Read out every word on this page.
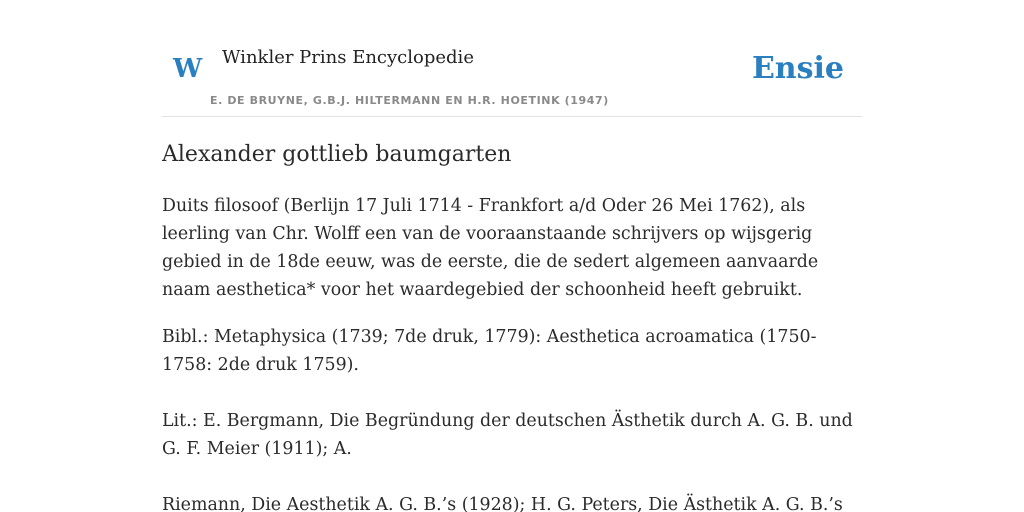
W Winkler Prins Encyclopedie
E. DE BRUYNE, G.B.J. HILTERMANN EN H.R. HOETINK (1947)
Ensie
Alexander gottlieb baumgarten

Duits filosoof (Berlijn 17 Juli 1714 - Frankfort a/d Oder 26 Mei 1762), als leerling van Chr. Wolff een van de vooraanstaande schrijvers op wijsgerig gebied in de 18de eeuw, was de eerste, die de sedert algemeen aanvaarde naam aesthetica* voor het waardegebied der schoonheid heeft gebruikt.

Bibl.: Metaphysica (1739; 7de druk, 1779): Aesthetica acroamatica (1750-1758: 2de druk 1759).

Lit.: E. Bergmann, Die Begründung der deutschen Ästhetik durch A. G. B. und G. F. Meier (1911); A.

Riemann, Die Aesthetik A. G. B.’s (1928); H. G. Peters, Die Ästhetik A. G. B.’s
